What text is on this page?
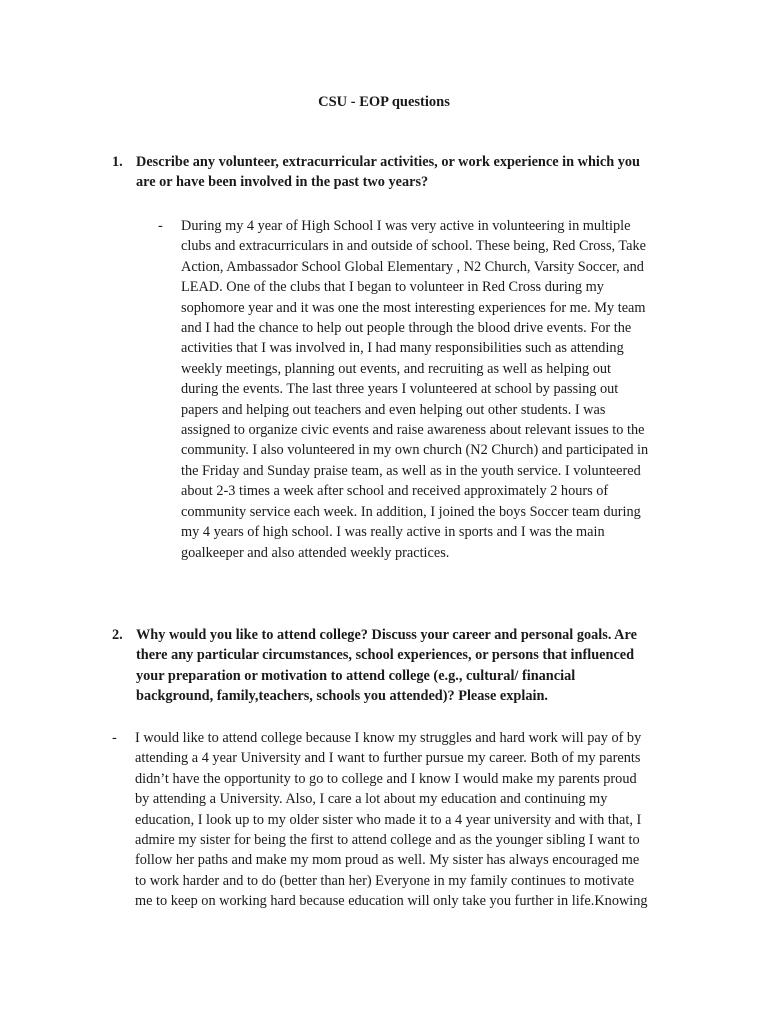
CSU - EOP questions
1. Describe any volunteer, extracurricular activities, or work experience in which you
are or have been involved in the past two years?
- During my 4 year of High School I was very active in volunteering in multiple
clubs and extracurriculars in and outside of school. These being, Red Cross, Take
Action, Ambassador School Global Elementary , N2 Church, Varsity Soccer, and
LEAD. One of the clubs that I began to volunteer in Red Cross during my
sophomore year and it was one the most interesting experiences for me. My team
and I had the chance to help out people through the blood drive events. For the
activities that I was involved in, I had many responsibilities such as attending
weekly meetings, planning out events, and recruiting as well as helping out
during the events. The last three years I volunteered at school by passing out
papers and helping out teachers and even helping out other students. I was
assigned to organize civic events and raise awareness about relevant issues to the
community. I also volunteered in my own church (N2 Church) and participated in
the Friday and Sunday praise team, as well as in the youth service. I volunteered
about 2-3 times a week after school and received approximately 2 hours of
community service each week. In addition, I joined the boys Soccer team during
my 4 years of high school. I was really active in sports and I was the main
goalkeeper and also attended weekly practices.
2. Why would you like to attend college? Discuss your career and personal goals. Are
there any particular circumstances, school experiences, or persons that influenced
your preparation or motivation to attend college (e.g., cultural/ financial
background, family,teachers, schools you attended)? Please explain.
- I would like to attend college because I know my struggles and hard work will pay of by
attending a 4 year University and I want to further pursue my career. Both of my parents
didn’t have the opportunity to go to college and I know I would make my parents proud
by attending a University. Also, I care a lot about my education and continuing my
education, I look up to my older sister who made it to a 4 year university and with that, I
admire my sister for being the first to attend college and as the younger sibling I want to
follow her paths and make my mom proud as well. My sister has always encouraged me
to work harder and to do (better than her) Everyone in my family continues to motivate
me to keep on working hard because education will only take you further in life.Knowing
